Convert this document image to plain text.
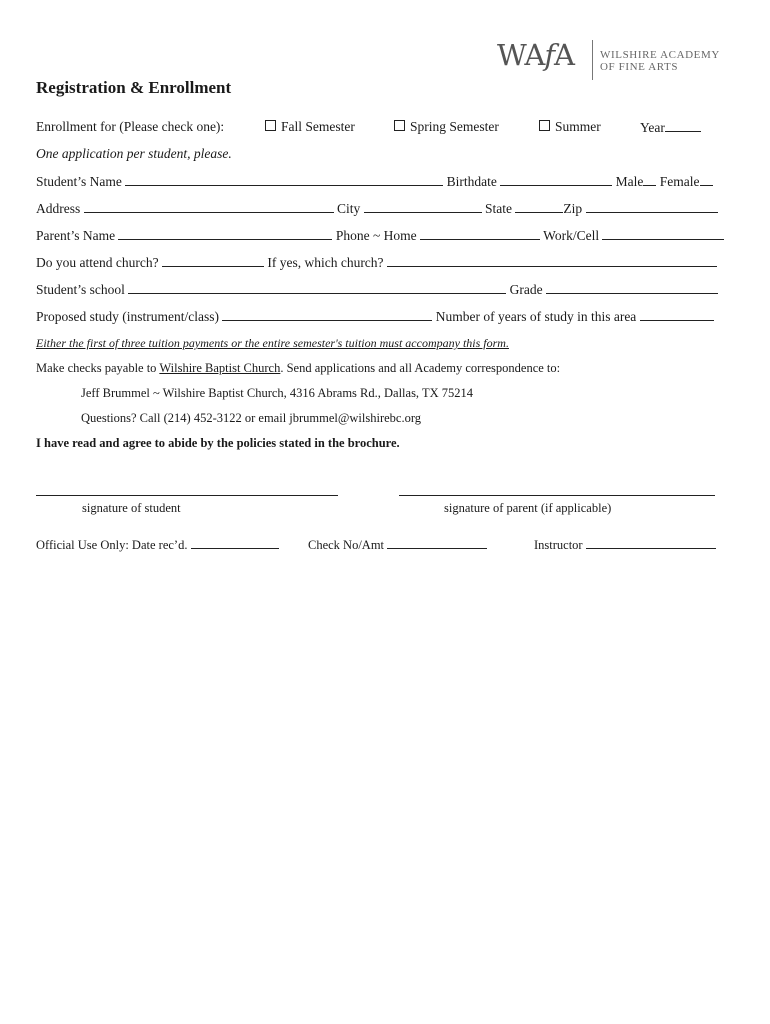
WAfA WILSHIRE ACADEMY
OF FINE ARTS
Registration & Enrollment
Enrollment for (Please check one):	Fall Semester	Spring Semester	Summer	Year
One application per student, please.
Student’s Name	Birthdate	Male Female
Address	City	State	Zip
Parent’s Name	Phone ~ Home	Work/Cell
Do you attend church?	If yes, which church?
Student’s school	Grade
Proposed study (instrument/class)	Number of years of study in this area
Either the first of three tuition payments or the entire semester's tuition must accompany this form.
Make checks payable to Wilshire Baptist Church. Send applications and all Academy correspondence to:
Jeff Brummel ~ Wilshire Baptist Church, 4316 Abrams Rd., Dallas, TX 75214
Questions? Call (214) 452-3122 or email jbrummel@wilshirebc.org
I have read and agree to abide by the policies stated in the brochure.
signature of student	signature of parent (if applicable)
Official Use Only: Date rec’d.	Check No/Amt	Instructor
